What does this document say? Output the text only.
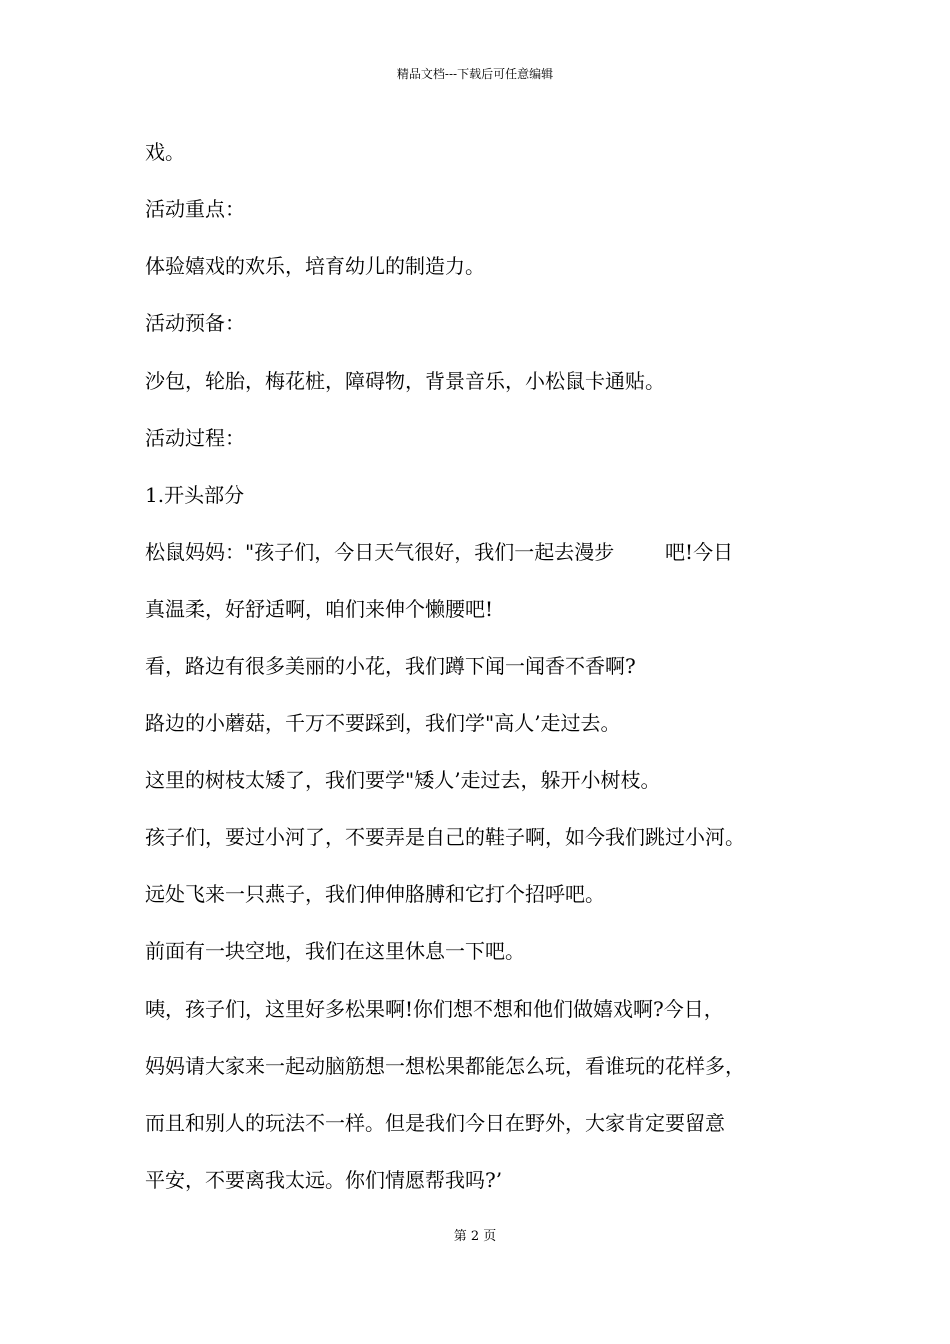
精品文档---下载后可任意编辑
戏。
活动重点：
体验嬉戏的欢乐，培育幼儿的制造力。
活动预备：
沙包，轮胎，梅花桩，障碍物，背景音乐，小松鼠卡通贴。
活动过程：
1.开头部分
松鼠妈妈："孩子们，今日天气很好，我们一起去漫步        吧!今日
真温柔，好舒适啊，咱们来伸个懒腰吧!
看，路边有很多美丽的小花，我们蹲下闻一闻香不香啊?
路边的小蘑菇，千万不要踩到，我们学"高人’走过去。
这里的树枝太矮了，我们要学"矮人’走过去，躲开小树枝。
孩子们，要过小河了，不要弄是自己的鞋子啊，如今我们跳过小河。
远处飞来一只燕子，我们伸伸胳膊和它打个招呼吧。
前面有一块空地，我们在这里休息一下吧。
咦，孩子们，这里好多松果啊!你们想不想和他们做嬉戏啊?今日，
妈妈请大家来一起动脑筋想一想松果都能怎么玩，看谁玩的花样多，
而且和别人的玩法不一样。但是我们今日在野外，大家肯定要留意
平安，不要离我太远。你们情愿帮我吗?’
第 2 页
